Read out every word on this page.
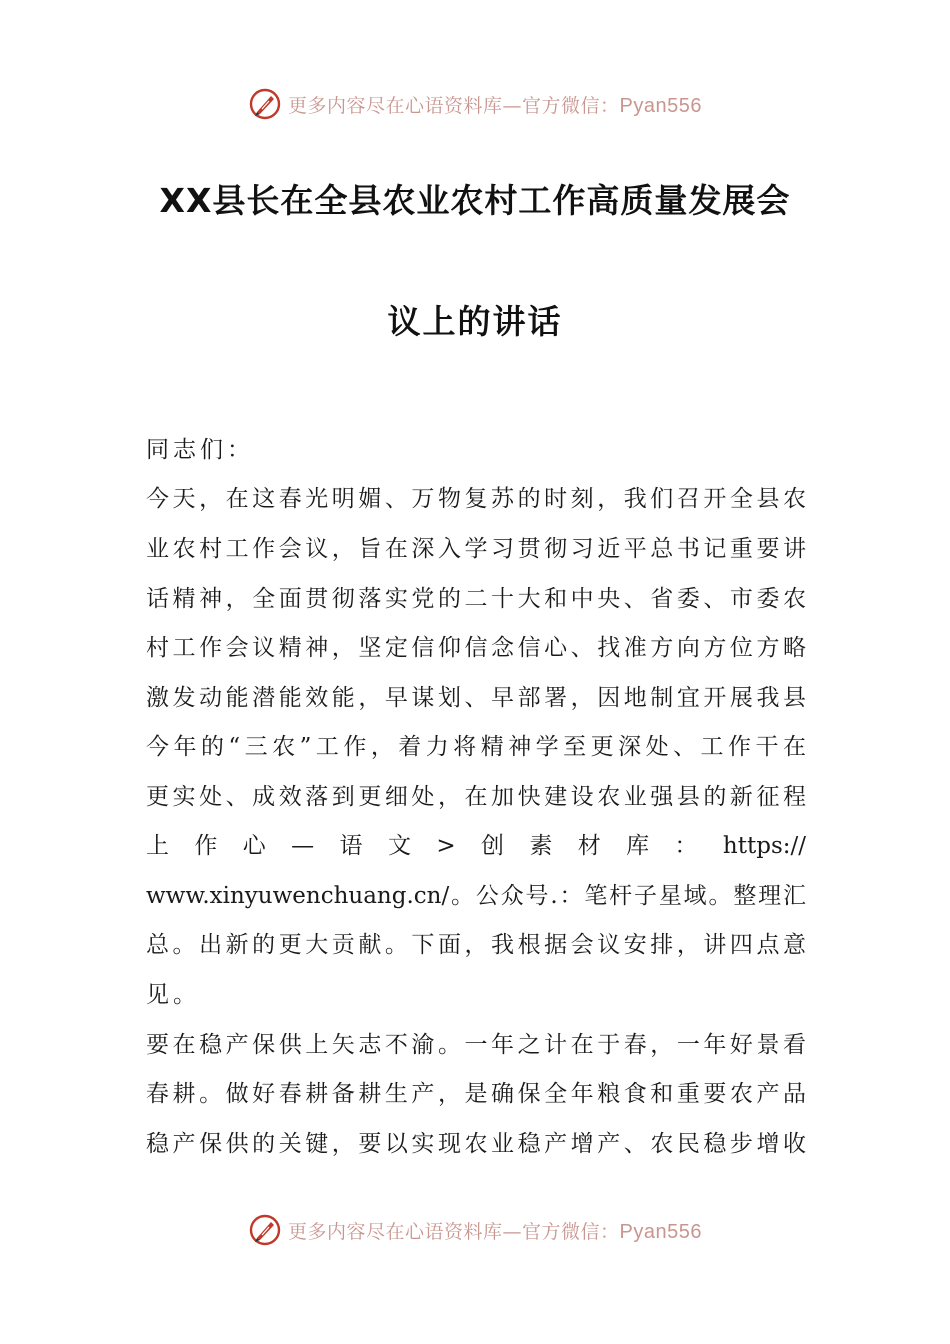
更多内容尽在心语资料库—官方微信：Pyan556
XX县长在全县农业农村工作高质量发展会
议上的讲话
同志们：
今天，在这春光明媚、万物复苏的时刻，我们召开全县农
业农村工作会议，旨在深入学习贯彻习近平总书记重要讲
话精神，全面贯彻落实党的二十大和中央、省委、市委农
村工作会议精神，坚定信仰信念信心、找准方向方位方略
激发动能潜能效能，早谋划、早部署，因地制宜开展我县
今年的“三农”工作，着力将精神学至更深处、工作干在
更实处、成效落到更细处，在加快建设农业强县的新征程
上作心—语文>创素材库：https://
www.xinyuwenchuang.cn/。公众号.：笔杆子星域。整理汇
总。出新的更大贡献。下面，我根据会议安排，讲四点意
见。
要在稳产保供上矢志不渝。一年之计在于春，一年好景看
春耕。做好春耕备耕生产，是确保全年粮食和重要农产品
稳产保供的关键，要以实现农业稳产增产、农民稳步增收
更多内容尽在心语资料库—官方微信：Pyan556
